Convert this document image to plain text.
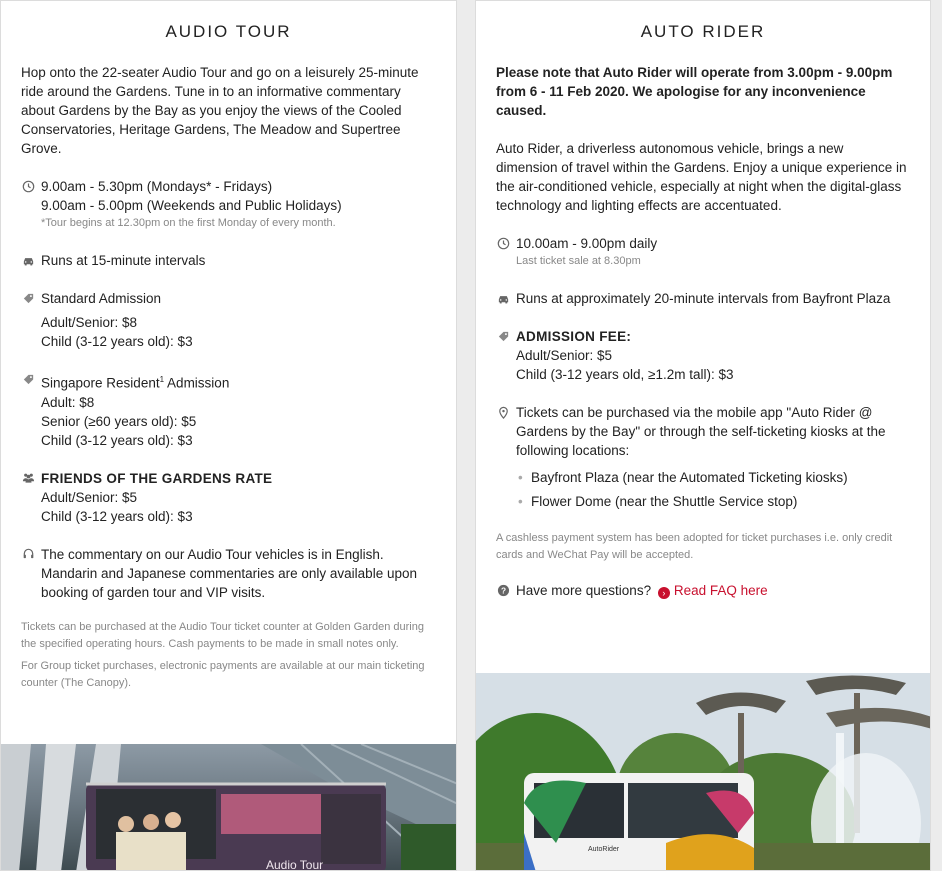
AUDIO TOUR

Hop onto the 22-seater Audio Tour and go on a leisurely 25-minute ride around the Gardens. Tune in to an informative commentary about Gardens by the Bay as you enjoy the views of the Cooled Conservatories, Heritage Gardens, The Meadow and Supertree Grove.

9.00am - 5.30pm (Mondays* - Fridays)
9.00am - 5.00pm (Weekends and Public Holidays)
*Tour begins at 12.30pm on the first Monday of every month.
Runs at 15-minute intervals
Standard Admission
Adult/Senior: $8
Child (3-12 years old): $3
Singapore Resident$^1$ Admission
Adult: $8
Senior (≥60 years old): $5
Child (3-12 years old): $3
FRIENDS OF THE GARDENS RATE
Adult/Senior: $5
Child (3-12 years old): $3
The commentary on our Audio Tour vehicles is in English. Mandarin and Japanese commentaries are only available upon booking of garden tour and VIP visits.

Tickets can be purchased at the Audio Tour ticket counter at Golden Garden during the specified operating hours. Cash payments to be made in small notes only.

For Group ticket purchases, electronic payments are available at our main ticketing counter (The Canopy).

Audio Tour
AUTO RIDER

Please note that Auto Rider will operate from 3.00pm - 9.00pm from 6 - 11 Feb 2020. We apologise for any inconvenience caused.

Auto Rider, a driverless autonomous vehicle, brings a new dimension of travel within the Gardens. Enjoy a unique experience in the air-conditioned vehicle, especially at night when the digital-glass technology and lighting effects are accentuated.

10.00am - 9.00pm daily
Last ticket sale at 8.30pm
Runs at approximately 20-minute intervals from Bayfront Plaza
ADMISSION FEE:
Adult/Senior: $5
Child (3-12 years old, ≥1.2m tall): $3
Tickets can be purchased via the mobile app "Auto Rider @ Gardens by the Bay" or through the self-ticketing kiosks at the following locations:
• Bayfront Plaza (near the Automated Ticketing kiosks)
• Flower Dome (near the Shuttle Service stop)

A cashless payment system has been adopted for ticket purchases i.e. only credit cards and WeChat Pay will be accepted.

? Have more questions? › Read FAQ here
AutoRider
